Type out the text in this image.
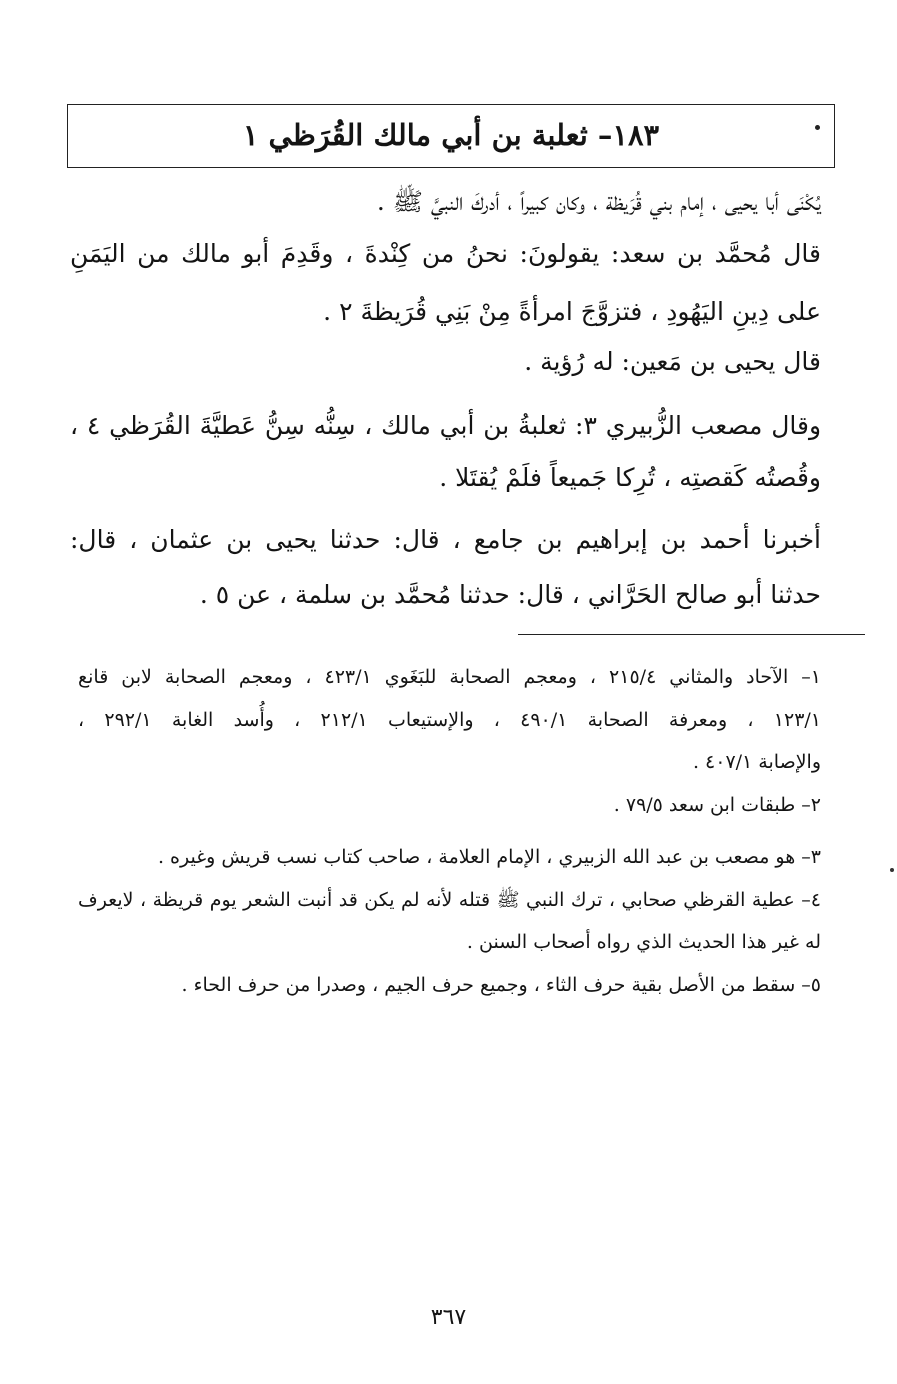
١٨٣– ثعلبة بن أبي مالك القُرَظي ١
يُكْنَى أبا يحيى ، إمام بني قُرَيظة ، وكان كبيراً ، أدركَ النبيَّ ﷺ .
قال مُحمَّد بن سعد: يقولونَ: نحنُ من كِنْدةَ ، وقَدِمَ أبو مالك من اليَمَنِ
على دِينِ اليَهُودِ ، فتزوَّجَ امرأةً مِنْ بَنِي قُرَيظةَ ٢ .
قال يحيى بن مَعين: له رُؤية .
وقال مصعب الزُّبيري ٣: ثعلبةُ بن أبي مالك ، سِنُّه سِنُّ عَطيَّةَ القُرَظي ٤ ،
وقُصتُه كَقصتِه ، تُرِكا جَميعاً فلَمْ يُقتَلا .
أخبرنا أحمد بن إبراهيم بن جامع ، قال: حدثنا يحيى بن عثمان ، قال:
حدثنا أبو صالح الحَرَّاني ، قال: حدثنا مُحمَّد بن سلمة ، عن ٥ .
١– الآحاد والمثاني ٢١٥/٤ ، ومعجم الصحابة للبَغَوي ٤٢٣/١ ، ومعجم الصحابة لابن قانع
١٢٣/١ ، ومعرفة الصحابة ٤٩٠/١ ، والإستيعاب ٢١٢/١ ، وأُسد الغابة ٢٩٢/١ ،
والإصابة ٤٠٧/١ .
٢– طبقات ابن سعد ٧٩/٥ .
٣– هو مصعب بن عبد الله الزبيري ، الإمام العلامة ، صاحب كتاب نسب قريش وغيره .
٤– عطية القرظي صحابي ، ترك النبي ﷺ قتله لأنه لم يكن قد أنبت الشعر يوم قريظة ، لايعرف
له غير هذا الحديث الذي رواه أصحاب السنن .
٥– سقط من الأصل بقية حرف الثاء ، وجميع حرف الجيم ، وصدرا من حرف الحاء .
٣٦٧
